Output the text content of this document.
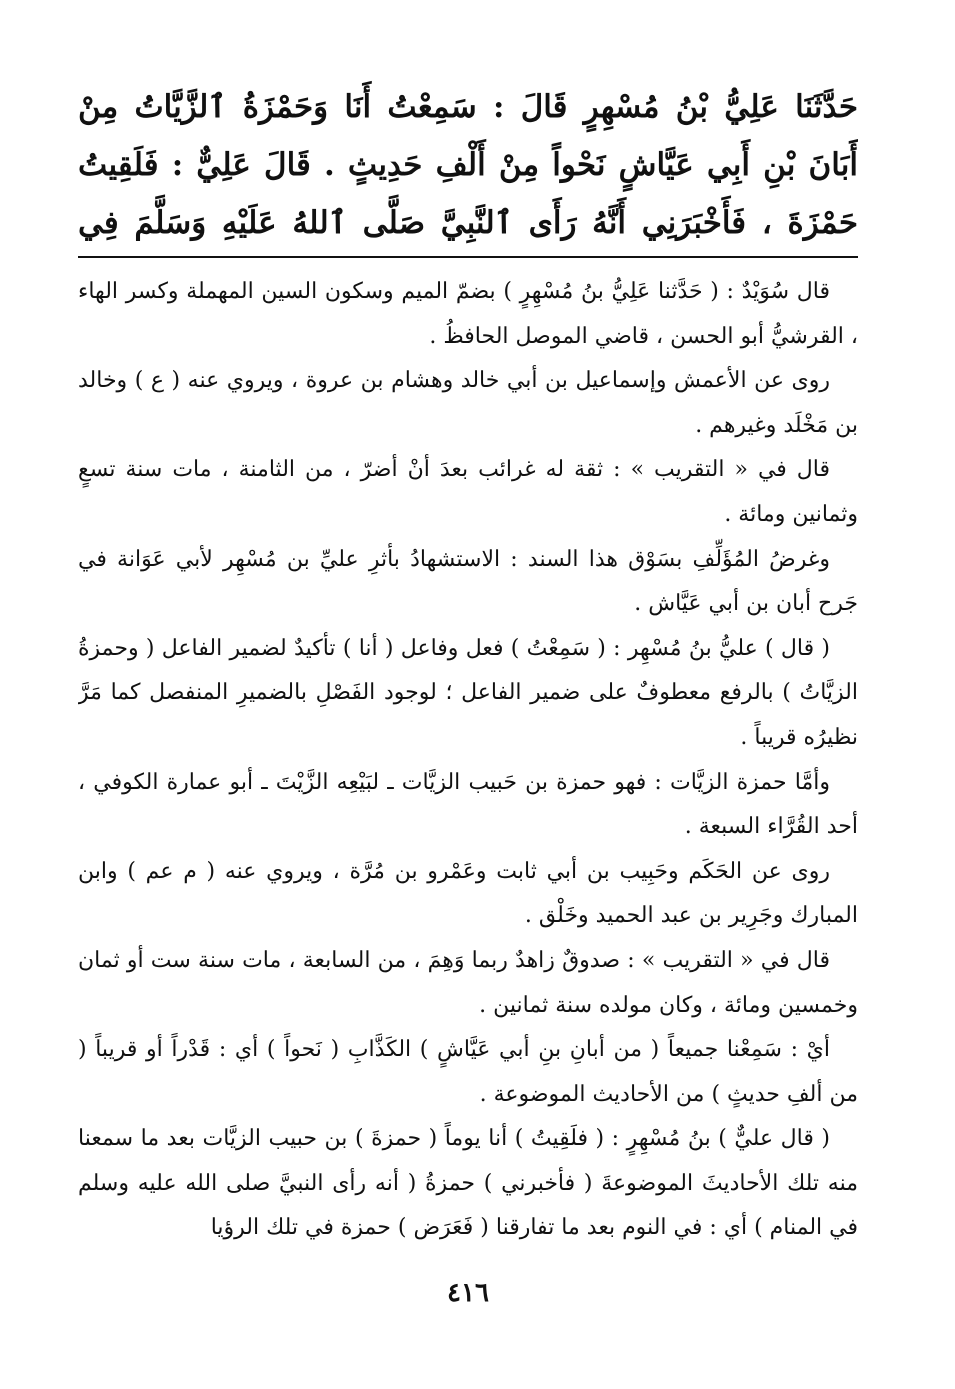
حَدَّثَنَا عَلِيُّ بْنُ مُسْهِرٍ قَالَ : سَمِعْتُ أَنَا وَحَمْزَةُ ٱلزَّيَّاتُ مِنْ أَبَانَ بْنِ أَبِي عَيَّاشٍ نَحْواً مِنْ أَلْفِ حَدِيثٍ . قَالَ عَلِيٌّ : فَلَقِيتُ حَمْزَةَ ، فَأَخْبَرَنِي أَنَّهُ رَأَى ٱلنَّبِيَّ صَلَّى ٱللهُ عَلَيْهِ وَسَلَّمَ فِي

قال سُوَيْدٌ : ( حَدَّثنا عَلِيُّ بنُ مُسْهِرٍ ) بضمّ الميم وسكون السين المهملة وكسر الهاء ، القرشيُّ أبو الحسن ، قاضي الموصل الحافظُ .

روى عن الأعمش وإسماعيل بن أبي خالد وهشام بن عروة ، ويروي عنه ( ع ) وخالد بن مَخْلَد وغيرهم .

قال في « التقريب » : ثقة له غرائب بعدَ أنْ أضرّ ، من الثامنة ، مات سنة تسعٍ وثمانين ومائة .

وغرضُ المُؤَلِّفِ بسَوْق هذا السند : الاستشهادُ بأثرِ عليِّ بن مُسْهِر لأبي عَوَانة في جَرح أبان بن أبي عَيَّاش .

( قال ) عليُّ بنُ مُسْهِر : ( سَمِعْتُ ) فعل وفاعل ( أنا ) تأكيدٌ لضمير الفاعل ( وحمزةُ الزيَّاتُ ) بالرفع معطوفٌ على ضمير الفاعل ؛ لوجود الفَصْلِ بالضميرِ المنفصل كما مَرَّ نظيرُه قريباً .

وأمَّا حمزة الزيَّات : فهو حمزة بن حَبيب الزيَّات ـ لبَيْعِه الزَّيْتَ ـ أبو عمارة الكوفي ، أحد القُرَّاء السبعة .

روى عن الحَكَم وحَبِيب بن أبي ثابت وعَمْرو بن مُرَّة ، ويروي عنه ( م عم ) وابن المبارك وجَرِير بن عبد الحميد وخَلْق .

قال في « التقريب » : صدوقٌ زاهدٌ ربما وَهِمَ ، من السابعة ، مات سنة ست أو ثمان وخمسين ومائة ، وكان مولده سنة ثمانين .

أيْ : سَمِعْنا جميعاً ( من أبانِ بنِ أبي عَيَّاشٍ ) الكَذَّابِ ( نَحواً ) أي : قَدْراً أو قريباً ( من ألفِ حديثٍ ) من الأحاديث الموضوعة .

( قال عليٌّ ) بنُ مُسْهِرٍ : ( فلَقِيتُ ) أنا يوماً ( حمزةَ ) بن حبيب الزيَّات بعد ما سمعنا منه تلك الأحاديثَ الموضوعةَ ( فأخبرني ) حمزةُ ( أنه رأى النبيَّ صلى الله عليه وسلم في المنام ) أي : في النوم بعد ما تفارقنا ( فَعَرَض ) حمزة في تلك الرؤيا

٤١٦
